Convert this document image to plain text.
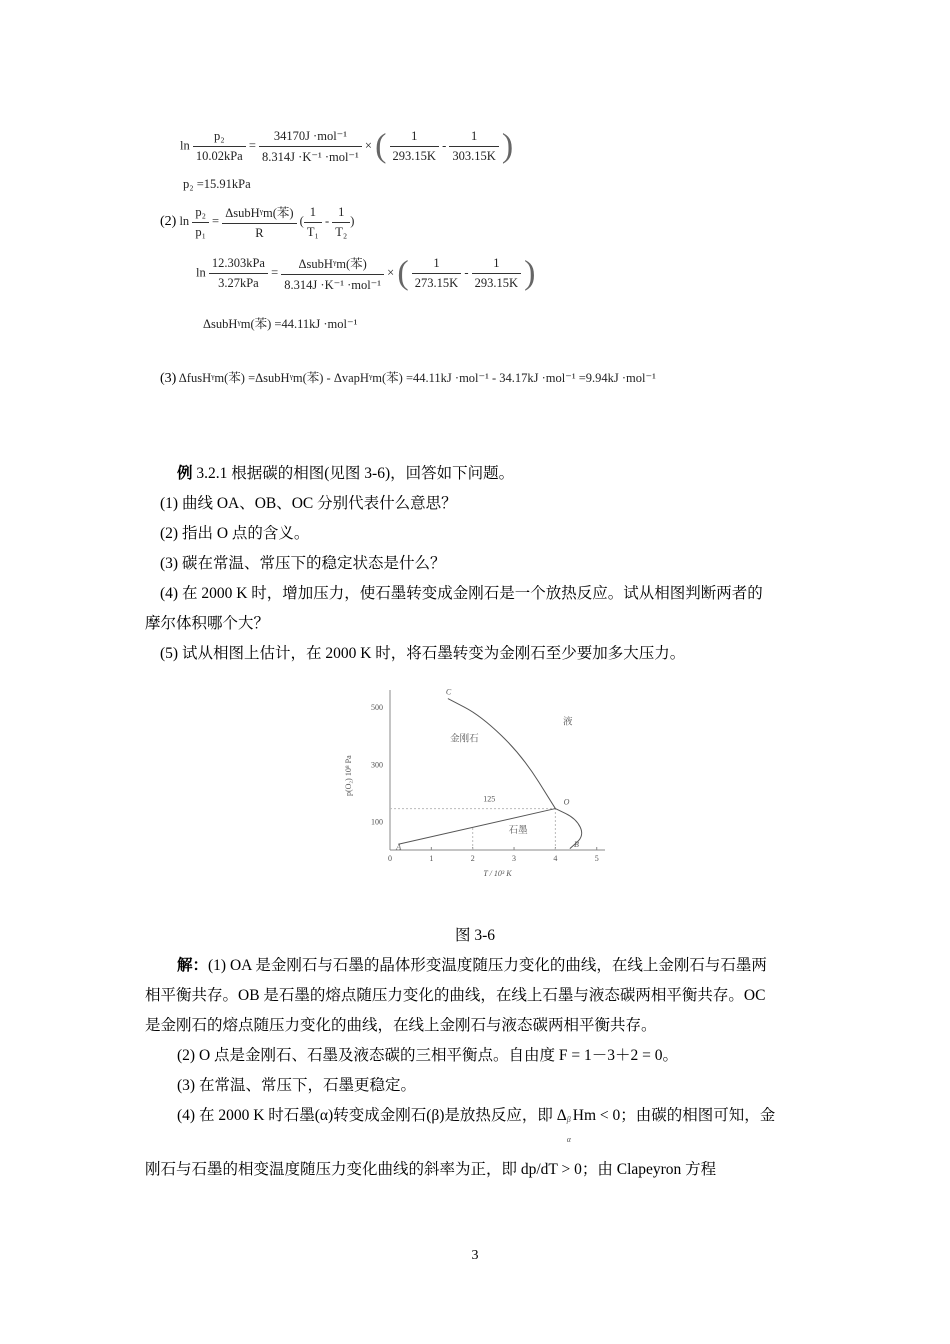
$\ln \frac{\text{p₂}}{\text{10.02kPa}} = \frac{\text{34170J ·mol⁻¹}}{\text{8.314J ·K⁻¹ ·mol⁻¹}}$ × ( $\frac{1}{293.15K} - \frac{1}{303.15K}$ )
p₂ =15.91kPa
(2) $\ln \frac{\text{p₂}}{\text{p₁}} = \frac{\text{ΔsubHᵞm(苯)}}{R}$ ( $\frac{1}{\text{T₁}} - \frac{1}{\text{T₂}}$ )
$\ln \frac{\text{12.303kPa}}{\text{3.27kPa}} = \frac{\text{ΔsubHᵞm(苯)}}{\text{8.314J ·K⁻¹ ·mol⁻¹}}$ × ( $\frac{1}{273.15K} - \frac{1}{293.15K}$ )
ΔsubHᵞm(苯) =44.11kJ ·mol⁻¹
(3) ΔfusHᵞm(苯) =ΔsubHᵞm(苯) - ΔvapHᵞm(苯) =44.11kJ ·mol⁻¹ - 34.17kJ ·mol⁻¹ =9.94kJ ·mol⁻¹
例 3.2.1 根据碳的相图(见图 3-6)，回答如下问题。
(1) 曲线 OA、OB、OC 分别代表什么意思？
(2) 指出 O 点的含义。
(3) 碳在常温、常压下的稳定状态是什么？
(4) 在 2000 K 时，增加压力，使石墨转变成金刚石是一个放热反应。试从相图判断两者的
摩尔体积哪个大？
(5) 试从相图上估计，在 2000 K 时，将石墨转变为金刚石至少要加多大压力。
0	1	2	3	4	5
100
300
500
T / 10³ K
p(O₂) 10⁸ Pa
金刚石
液
石墨
A	B
C
O
125
图 3-6
解：(1) OA 是金刚石与石墨的晶体形变温度随压力变化的曲线，在线上金刚石与石墨两
相平衡共存。OB 是石墨的熔点随压力变化的曲线，在线上石墨与液态碳两相平衡共存。OC
是金刚石的熔点随压力变化的曲线，在线上金刚石与液态碳两相平衡共存。
(2) O 点是金刚石、石墨及液态碳的三相平衡点。自由度 F = 1－3＋2 = 0。
(3) 在常温、常压下，石墨更稳定。
(4) 在 2000 K 时石墨(α)转变成金刚石(β)是放热反应，即 Δ β
α
Hm < 0；由碳的相图可知，金
刚石与石墨的相变温度随压力变化曲线的斜率为正，即 dp/dT > 0；由 Clapeyron 方程
3
